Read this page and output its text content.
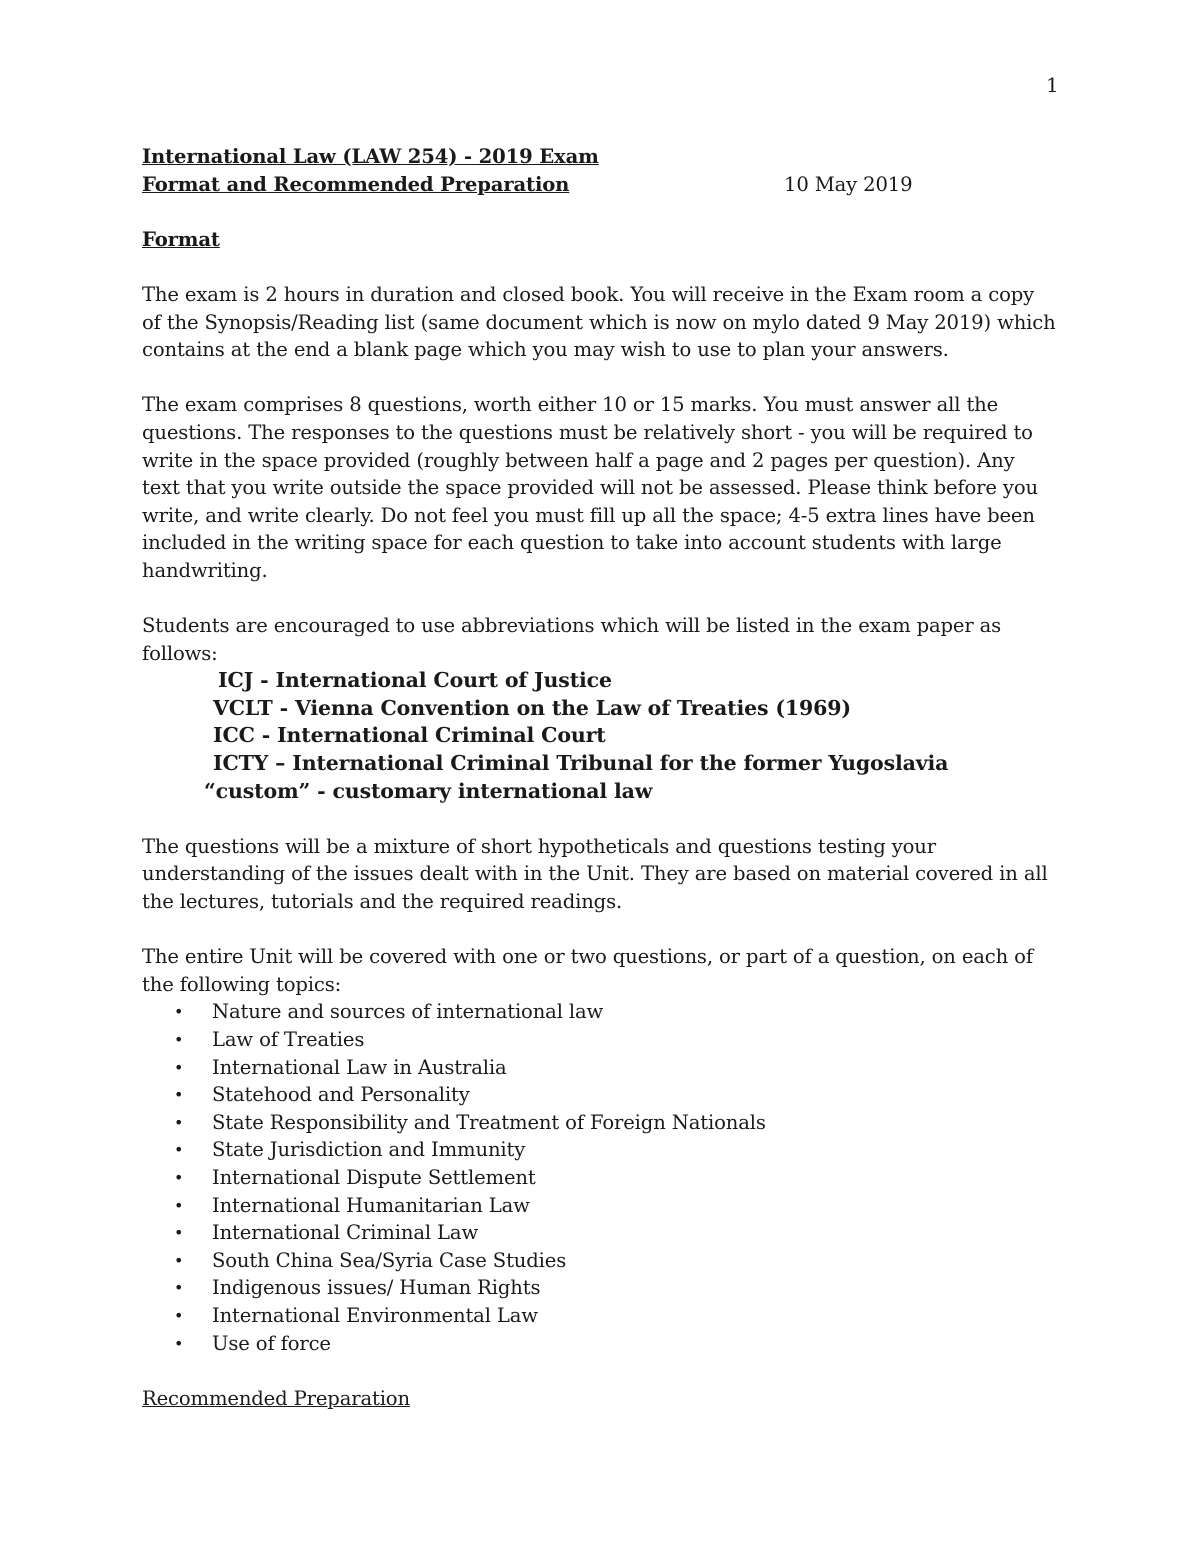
1
International Law (LAW 254) - 2019 Exam
Format and Recommended Preparation	10 May 2019
Format

The exam is 2 hours in duration and closed book. You will receive in the Exam room a copy of the Synopsis/Reading list (same document which is now on mylo dated 9 May 2019) which contains at the end a blank page which you may wish to use to plan your answers.

The exam comprises 8 questions, worth either 10 or 15 marks. You must answer all the questions. The responses to the questions must be relatively short - you will be required to write in the space provided (roughly between half a page and 2 pages per question). Any text that you write outside the space provided will not be assessed. Please think before you write, and write clearly. Do not feel you must fill up all the space; 4-5 extra lines have been included in the writing space for each question to take into account students with large handwriting.

Students are encouraged to use abbreviations which will be listed in the exam paper as follows:

ICJ - International Court of Justice
VCLT - Vienna Convention on the Law of Treaties (1969)
ICC - International Criminal Court
ICTY – International Criminal Tribunal for the former Yugoslavia
“custom” - customary international law

The questions will be a mixture of short hypotheticals and questions testing your understanding of the issues dealt with in the Unit. They are based on material covered in all the lectures, tutorials and the required readings.

The entire Unit will be covered with one or two questions, or part of a question, on each of the following topics:

• Nature and sources of international law
• Law of Treaties
• International Law in Australia
• Statehood and Personality
• State Responsibility and Treatment of Foreign Nationals
• State Jurisdiction and Immunity
• International Dispute Settlement
• International Humanitarian Law
• International Criminal Law
• South China Sea/Syria Case Studies
• Indigenous issues/ Human Rights
• International Environmental Law
• Use of force
Recommended Preparation
